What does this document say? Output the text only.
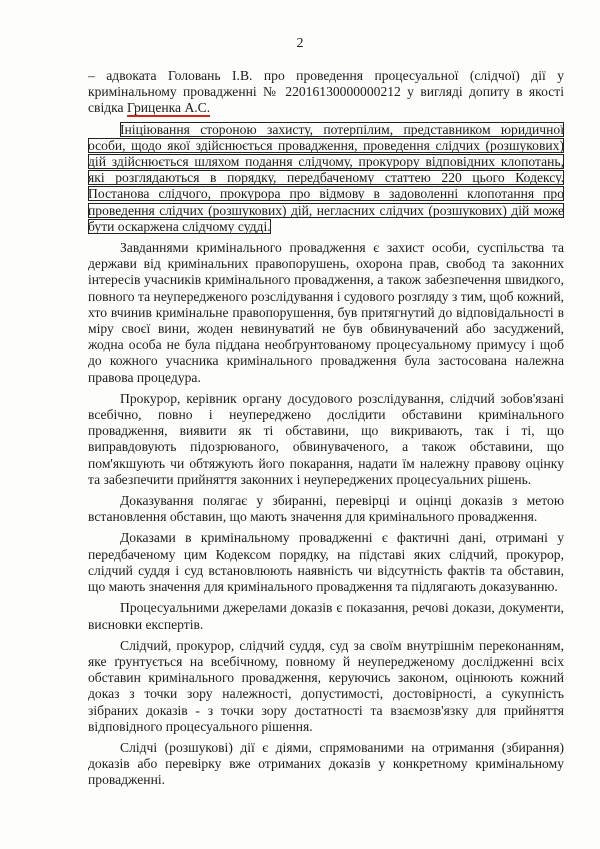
2

– адвоката Головань І.В. про проведення процесуальної (слідчої) дії у кримінальному провадженні № 22016130000000212 у вигляді допиту в якості свідка Гриценка А.С.

Ініціювання стороною захисту, потерпілим, представником юридичної особи, щодо якої здійснюється провадження, проведення слідчих (розшукових) дій здійснюється шляхом подання слідчому, прокурору відповідних клопотань, які розглядаються в порядку, передбаченому статтею 220 цього Кодексу. Постанова слідчого, прокурора про відмову в задоволенні клопотання про проведення слідчих (розшукових) дій, негласних слідчих (розшукових) дій може бути оскаржена слідчому судді.

Завданнями кримінального провадження є захист особи, суспільства та держави від кримінальних правопорушень, охорона прав, свобод та законних інтересів учасників кримінального провадження, а також забезпечення швидкого, повного та неупередженого розслідування і судового розгляду з тим, щоб кожний, хто вчинив кримінальне правопорушення, був притягнутий до відповідальності в міру своєї вини, жоден невинуватий не був обвинувачений або засуджений, жодна особа не була піддана необґрунтованому процесуальному примусу і щоб до кожного учасника кримінального провадження була застосована належна правова процедура.

Прокурор, керівник органу досудового розслідування, слідчий зобов'язані всебічно, повно і неупереджено дослідити обставини кримінального провадження, виявити як ті обставини, що викривають, так і ті, що виправдовують підозрюваного, обвинуваченого, а також обставини, що пом'якшують чи обтяжують його покарання, надати їм належну правову оцінку та забезпечити прийняття законних і неупереджених процесуальних рішень.

Доказування полягає у збиранні, перевірці и оцінці доказів з метою встановлення обставин, що мають значення для кримінального провадження.

Доказами в кримінальному провадженні є фактичні дані, отримані у передбаченому цим Кодексом порядку, на підставі яких слідчий, прокурор, слідчий суддя і суд встановлюють наявність чи відсутність фактів та обставин, що мають значення для кримінального провадження та підлягають доказуванню.

Процесуальними джерелами доказів є показання, речові докази, документи, висновки експертів.

Слідчий, прокурор, слідчий суддя, суд за своїм внутрішнім переконанням, яке ґрунтується на всебічному, повному й неупередженому дослідженні всіх обставин кримінального провадження, керуючись законом, оцінюють кожний доказ з точки зору належності, допустимості, достовірності, а сукупність зібраних доказів - з точки зору достатності та взаємозв'язку для прийняття відповідного процесуального рішення.

Слідчі (розшукові) дії є діями, спрямованими на отримання (збирання) доказів або перевірку вже отриманих доказів у конкретному кримінальному провадженні.
